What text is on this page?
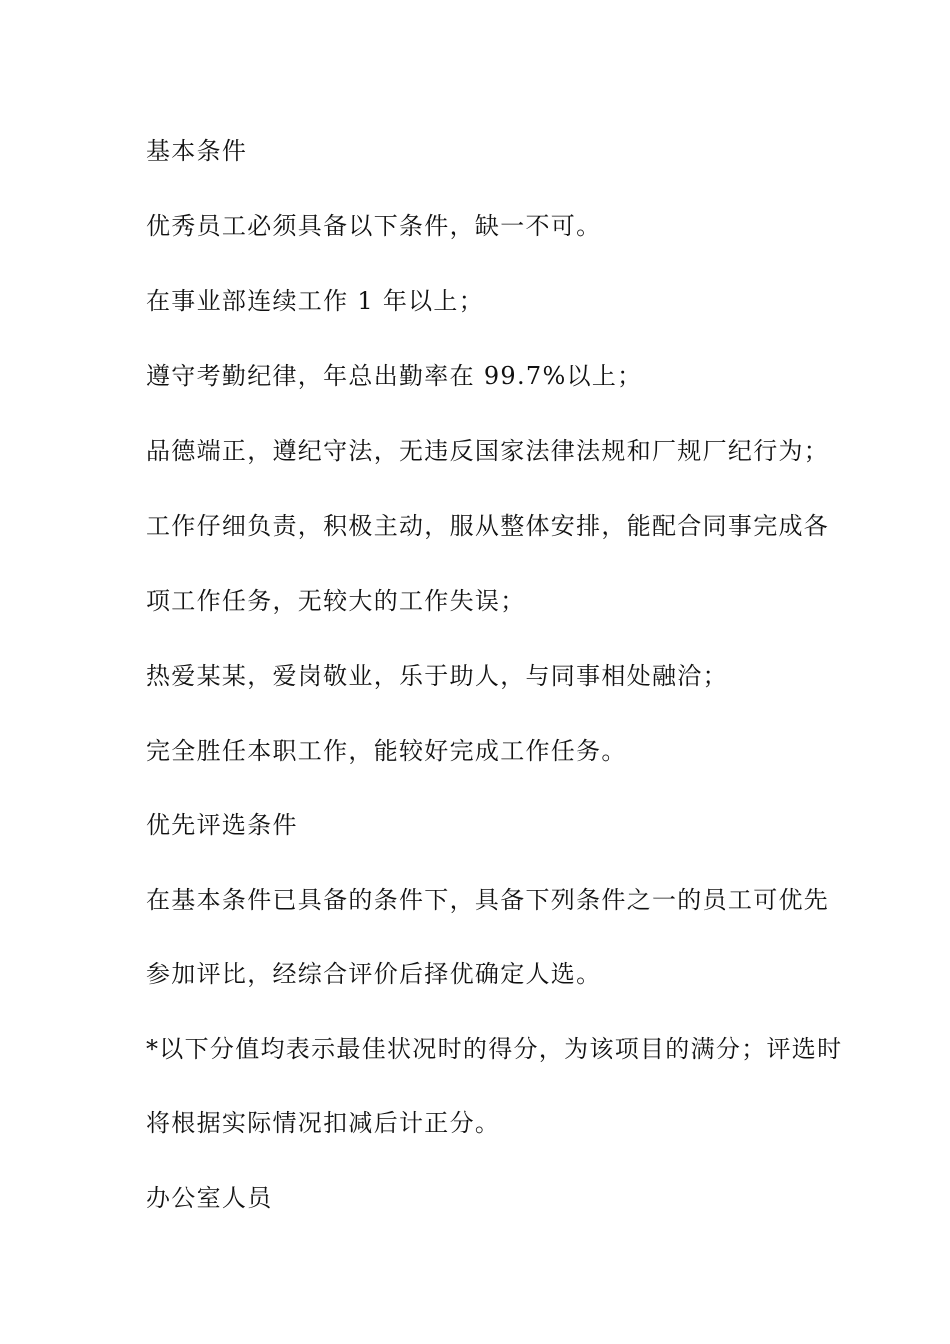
基本条件
优秀员工必须具备以下条件，缺一不可。
在事业部连续工作 1 年以上；
遵守考勤纪律，年总出勤率在 99.7%以上；
品德端正，遵纪守法，无违反国家法律法规和厂规厂纪行为；
工作仔细负责，积极主动，服从整体安排，能配合同事完成各
项工作任务，无较大的工作失误；
热爱某某，爱岗敬业，乐于助人，与同事相处融洽；
完全胜任本职工作，能较好完成工作任务。
优先评选条件
在基本条件已具备的条件下，具备下列条件之一的员工可优先
参加评比，经综合评价后择优确定人选。
*以下分值均表示最佳状况时的得分，为该项目的满分；评选时
将根据实际情况扣减后计正分。
办公室人员
